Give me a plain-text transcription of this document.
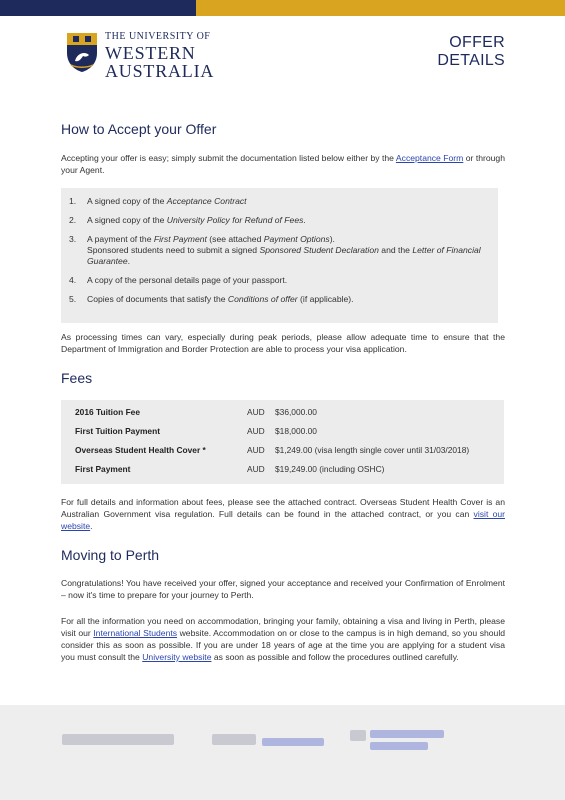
THE UNIVERSITY OF
WESTERN
AUSTRALIA
OFFER
DETAILS
How to Accept your Offer

Accepting your offer is easy; simply submit the documentation listed below either by the Acceptance Form or through your Agent.

1.	A signed copy of the Acceptance Contract
2.	A signed copy of the University Policy for Refund of Fees.
3.	A payment of the First Payment (see attached Payment Options).
Sponsored students need to submit a signed Sponsored Student Declaration and the Letter of Financial Guarantee.
4.	A copy of the personal details page of your passport.
5.	Copies of documents that satisfy the Conditions of offer (if applicable).

As processing times can vary, especially during peak periods, please allow adequate time to ensure that the Department of Immigration and Border Protection are able to process your visa application.

Fees
2016 Tuition Fee	AUD $36,000.00
First Tuition Payment	AUD $18,000.00
Overseas Student Health Cover *	AUD $1,249.00 (visa length single cover until 31/03/2018)
First Payment	AUD $19,249.00 (including OSHC)

For full details and information about fees, please see the attached contract. Overseas Student Health Cover is an Australian Government visa regulation. Full details can be found in the attached contract, or you can visit our website.

Moving to Perth

Congratulations! You have received your offer, signed your acceptance and received your Confirmation of Enrolment – now it's time to prepare for your journey to Perth.

For all the information you need on accommodation, bringing your family, obtaining a visa and living in Perth, please visit our International Students website. Accommodation on or close to the campus is in high demand, so you should consider this as soon as possible. If you are under 18 years of age at the time you are applying for a student visa you must consult the University website as soon as possible and follow the procedures outlined carefully.
